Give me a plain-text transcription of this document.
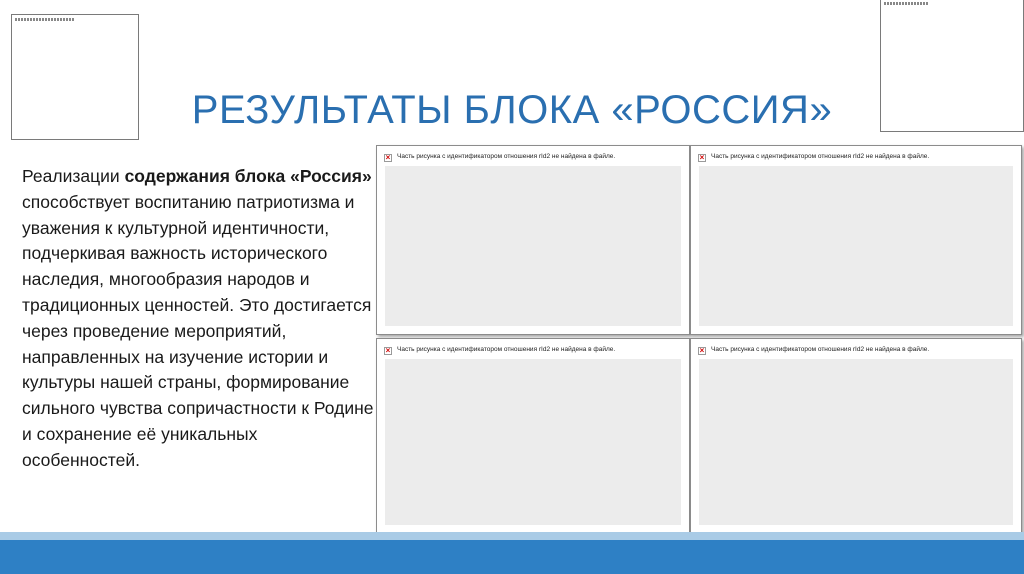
РЕЗУЛЬТАТЫ БЛОКА «РОССИЯ»

Реализации содержания блока «Россия» способствует воспитанию патриотизма и уважения к культурной идентичности, подчеркивая важность исторического наследия, многообразия народов и традиционных ценностей. Это достигается через проведение мероприятий, направленных на изучение истории и культуры нашей страны, формирование сильного чувства сопричастности к Родине и сохранение её уникальных особенностей.

× Часть рисунка с идентификатором отношения rId2 не найдена в файле.	× Часть рисунка с идентификатором отношения rId2 не найдена в файле.
× Часть рисунка с идентификатором отношения rId2 не найдена в файле.	× Часть рисунка с идентификатором отношения rId2 не найдена в файле.
